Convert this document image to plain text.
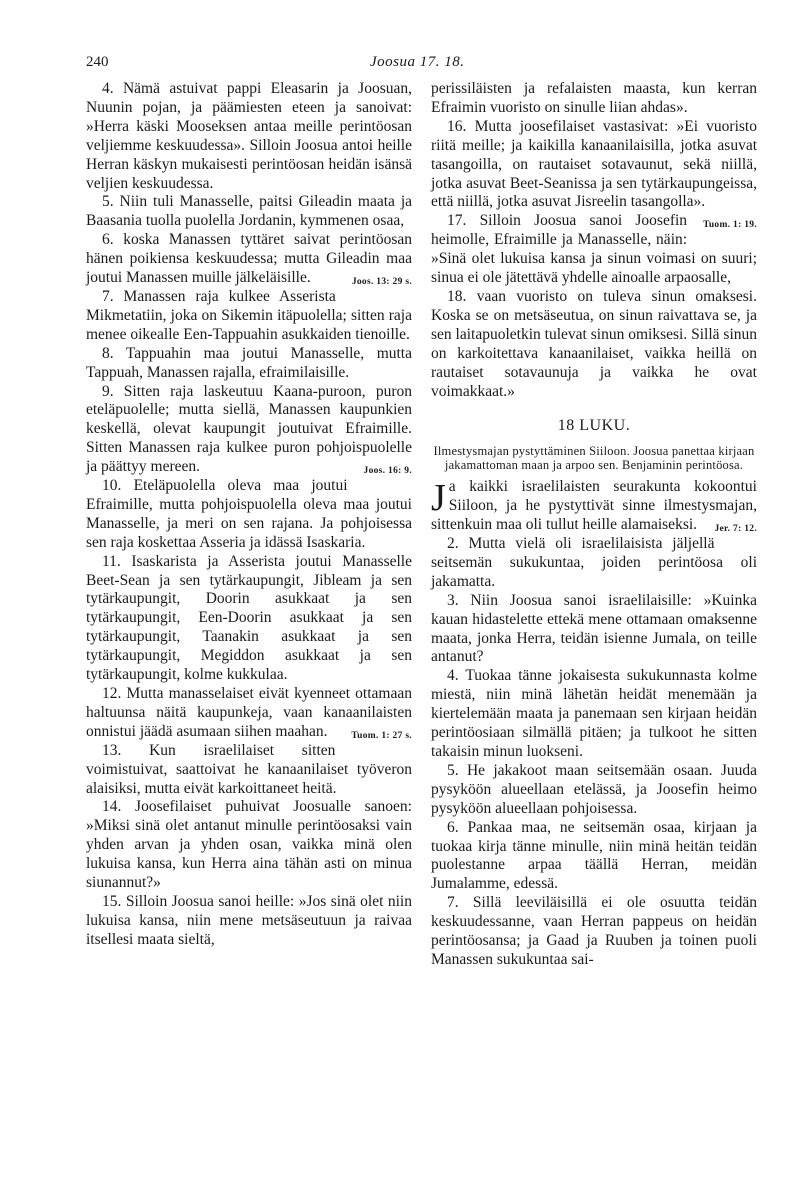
240	Joosua 17. 18.

4. Nämä astuivat pappi Eleasarin ja Joosuan, Nuunin pojan, ja päämiesten eteen ja sanoivat: »Herra käski Mooseksen antaa meille perintöosan veljiemme keskuudessa». Silloin Joosua antoi heille Herran käskyn mukaisesti perintöosan heidän isänsä veljien keskuudessa.

5. Niin tuli Manasselle, paitsi Gileadin maata ja Baasania tuolla puolella Jordanin, kymmenen osaa,

6. koska Manassen tyttäret saivat perintöosan hänen poikiensa keskuudessa; mutta Gileadin maa joutui Manassen muille jälkeläisille.	Joos. 13: 29 s.

7. Manassen raja kulkee Asserista Mikmetatiin, joka on Sikemin itäpuolella; sitten raja menee oikealle Een-Tappuahin asukkaiden tienoille.

8. Tappuahin maa joutui Manasselle, mutta Tappuah, Manassen rajalla, efraimilaisille.

9. Sitten raja laskeutuu Kaana-puroon, puron eteläpuolelle; mutta siellä, Manassen kaupunkien keskellä, olevat kaupungit joutuivat Efraimille. Sitten Manassen raja kulkee puron pohjoispuolelle ja päättyy mereen.	Joos. 16: 9.

10. Eteläpuolella oleva maa joutui Efraimille, mutta pohjoispuolella oleva maa joutui Manasselle, ja meri on sen rajana. Ja pohjoisessa sen raja koskettaa Asseria ja idässä Isaskaria.

11. Isaskarista ja Asserista joutui Manasselle Beet-Sean ja sen tytärkaupungit, Jibleam ja sen tytärkaupungit, Doorin asukkaat ja sen tytärkaupungit, Een-Doorin asukkaat ja sen tytärkaupungit, Taanakin asukkaat ja sen tytärkaupungit, Megiddon asukkaat ja sen tytärkaupungit, kolme kukkulaa.

12. Mutta manasselaiset eivät kyenneet ottamaan haltuunsa näitä kaupunkeja, vaan kanaanilaisten onnistui jäädä asumaan siihen maahan.	Tuom. 1: 27 s.

13. Kun israelilaiset sitten voimistuivat, saattoivat he kanaanilaiset työveron alaisiksi, mutta eivät karkoittaneet heitä.

14. Joosefilaiset puhuivat Joosualle sanoen: »Miksi sinä olet antanut minulle perintöosaksi vain yhden arvan ja yhden osan, vaikka minä olen lukuisa kansa, kun Herra aina tähän asti on minua siunannut?»

15. Silloin Joosua sanoi heille: »Jos sinä olet niin lukuisa kansa, niin mene metsäseutuun ja raivaa itsellesi maata sieltä,

perissiläisten ja refalaisten maasta, kun kerran Efraimin vuoristo on sinulle liian ahdas».

16. Mutta joosefilaiset vastasivat: »Ei vuoristo riitä meille; ja kaikilla kanaanilaisilla, jotka asuvat tasangoilla, on rautaiset sotavaunut, sekä niillä, jotka asuvat Beet-Seanissa ja sen tytärkaupungeissa, että niillä, jotka asuvat Jisreelin tasangolla».
Tuom. 1: 19.

17. Silloin Joosua sanoi Joosefin heimolle, Efraimille ja Manasselle, näin: »Sinä olet lukuisa kansa ja sinun voimasi on suuri; sinua ei ole jätettävä yhdelle ainoalle arpaosalle,

18. vaan vuoristo on tuleva sinun omaksesi. Koska se on metsäseutua, on sinun raivattava se, ja sen laitapuoletkin tulevat sinun omiksesi. Sillä sinun on karkoitettava kanaanilaiset, vaikka heillä on rautaiset sotavaunuja ja vaikka he ovat voimakkaat.»

18 LUKU.
Ilmestysmajan pystyttäminen Siiloon. Joosua panettaa kirjaan jakamattoman maan ja arpoo sen. Benjaminin perintöosa.

Ja kaikki israelilaisten seurakunta kokoontui Siiloon, ja he pystyttivät sinne ilmestysmajan, sittenkuin maa oli tullut heille alamaiseksi. Jer. 7: 12.

2. Mutta vielä oli israelilaisista jäljellä seitsemän sukukuntaa, joiden perintöosa oli jakamatta.

3. Niin Joosua sanoi israelilaisille: »Kuinka kauan hidastelette ettekä mene ottamaan omaksenne maata, jonka Herra, teidän isienne Jumala, on teille antanut?

4. Tuokaa tänne jokaisesta sukukunnasta kolme miestä, niin minä lähetän heidät menemään ja kiertelemään maata ja panemaan sen kirjaan heidän perintöosiaan silmällä pitäen; ja tulkoot he sitten takaisin minun luokseni.

5. He jakakoot maan seitsemään osaan. Juuda pysyköön alueellaan etelässä, ja Joosefin heimo pysyköön alueellaan pohjoisessa.

6. Pankaa maa, ne seitsemän osaa, kirjaan ja tuokaa kirja tänne minulle, niin minä heitän teidän puolestanne arpaa täällä Herran, meidän Jumalamme, edessä.

7. Sillä leeviläisillä ei ole osuutta teidän keskuudessanne, vaan Herran pappeus on heidän perintöosansa; ja Gaad ja Ruuben ja toinen puoli Manassen sukukuntaa sai-
